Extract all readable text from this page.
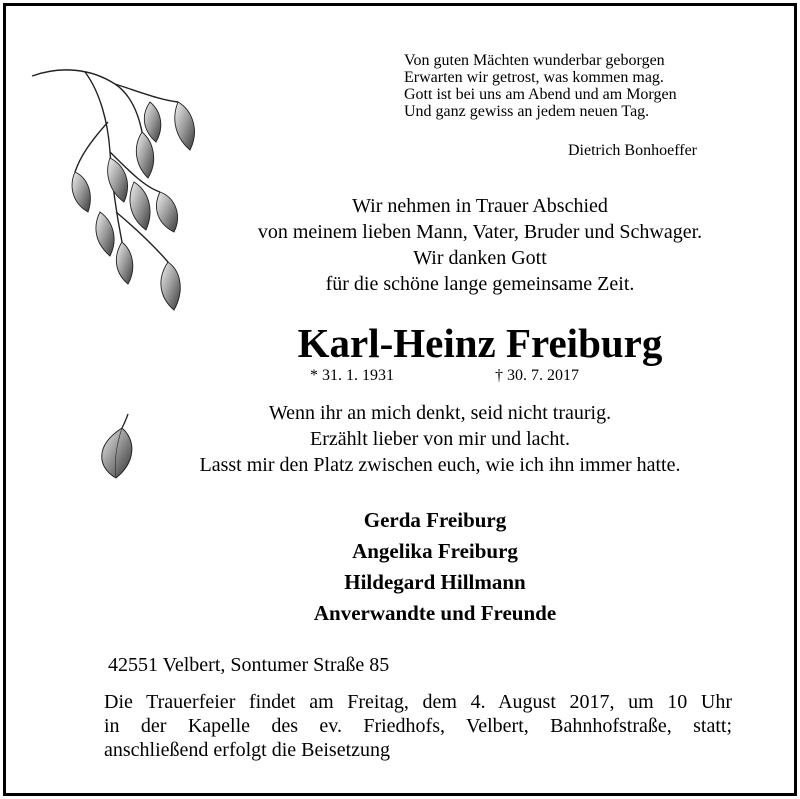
Von guten Mächten wunderbar geborgen
Erwarten wir getrost, was kommen mag.
Gott ist bei uns am Abend und am Morgen
Und ganz gewiss an jedem neuen Tag.
Dietrich Bonhoeffer
Wir nehmen in Trauer Abschied
von meinem lieben Mann, Vater, Bruder und Schwager.
Wir danken Gott
für die schöne lange gemeinsame Zeit.
Karl-Heinz Freiburg
* 31. 1. 1931	† 30. 7. 2017
Wenn ihr an mich denkt, seid nicht traurig.
Erzählt lieber von mir und lacht.
Lasst mir den Platz zwischen euch, wie ich ihn immer hatte.
Gerda Freiburg
Angelika Freiburg
Hildegard Hillmann
Anverwandte und Freunde
42551 Velbert, Sontumer Straße 85
Die Trauerfeier findet am Freitag, dem 4. August 2017, um 10 Uhr
in der Kapelle des ev. Friedhofs, Velbert, Bahnhofstraße, statt;
anschließend erfolgt die Beisetzung
